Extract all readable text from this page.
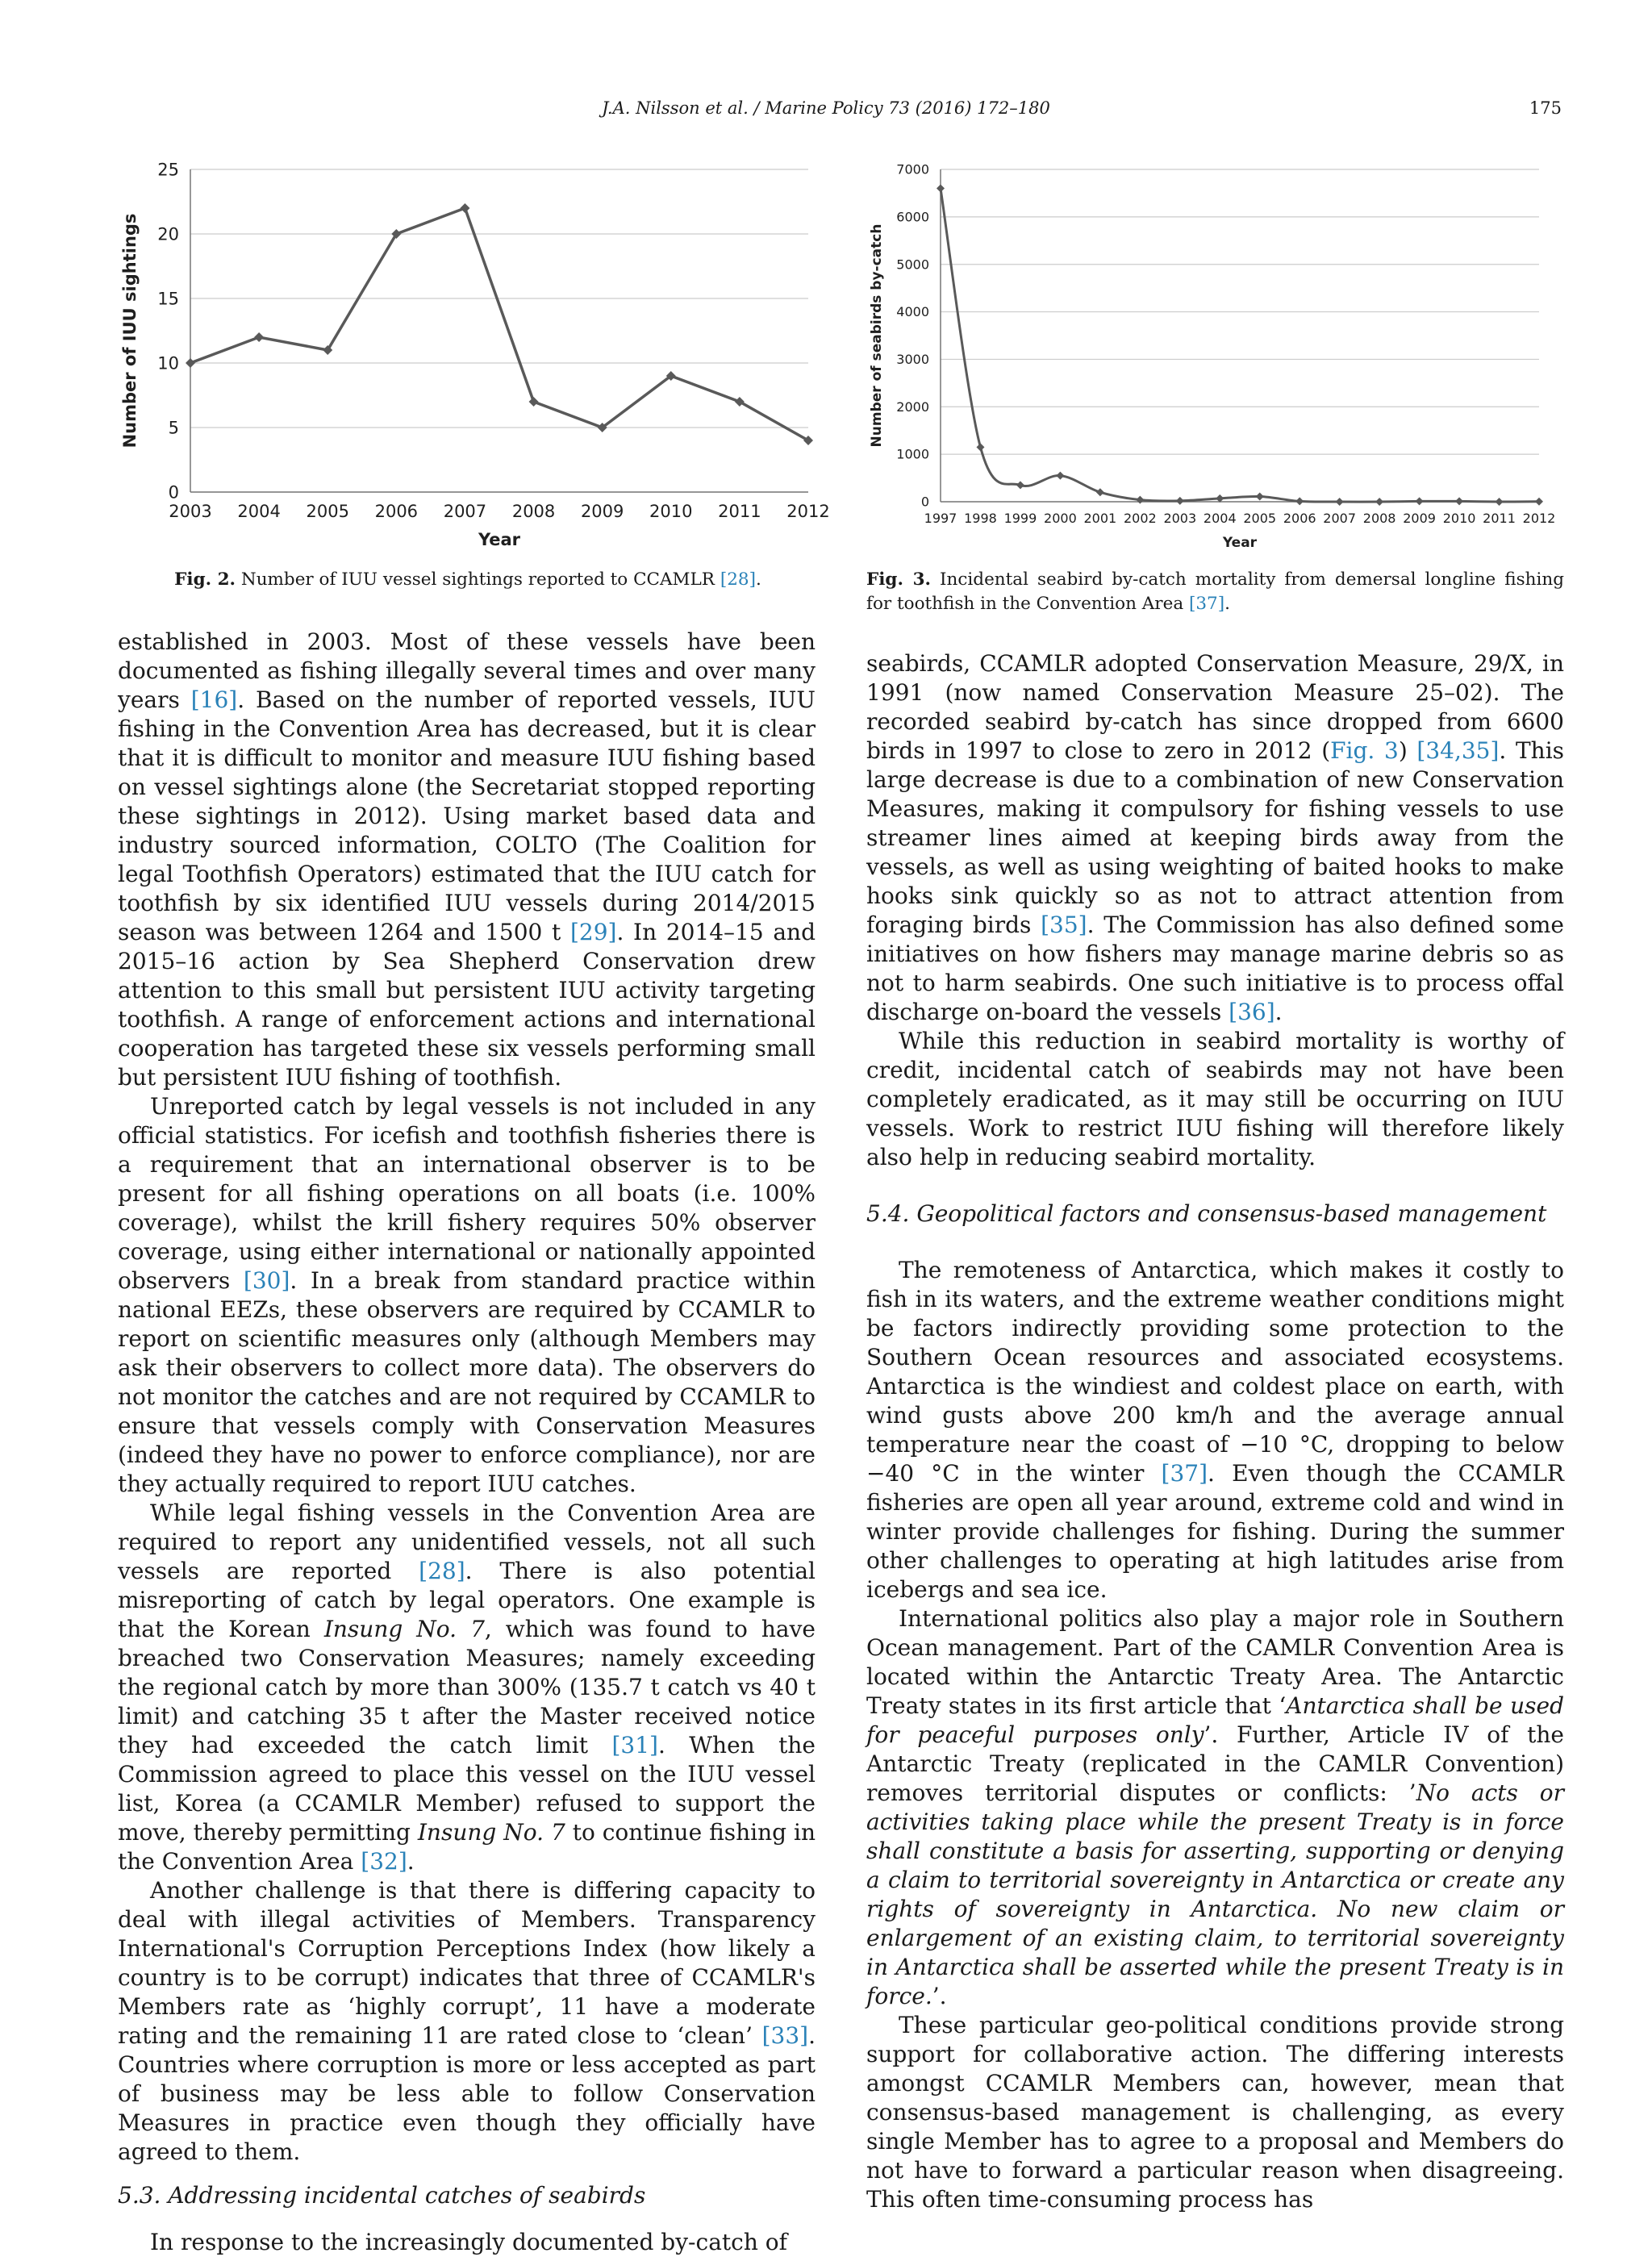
J.A. Nilsson et al. / Marine Policy 73 (2016) 172–180	175
0
5
10
15
20
25
2003 2004 2005 2006 2007 2008 2009 2010 2011 2012
Year
Number of IUU sightings
Fig. 2. Number of IUU vessel sightings reported to CCAMLR [28].
0
1000
2000
3000
4000
5000
6000
7000
1997 1998 1999 2000 2001 2002 2003 2004 2005 2006 2007 2008 2009 2010 2011 2012
Year
Number of seabirds by-catch
Fig. 3. Incidental seabird by-catch mortality from demersal longline fishing for toothfish in the Convention Area [37].

established in 2003. Most of these vessels have been documented as fishing illegally several times and over many years [16]. Based on the number of reported vessels, IUU fishing in the Convention Area has decreased, but it is clear that it is difficult to monitor and measure IUU fishing based on vessel sightings alone (the Secretariat stopped reporting these sightings in 2012). Using market based data and industry sourced information, COLTO (The Coalition for legal Toothfish Operators) estimated that the IUU catch for toothfish by six identified IUU vessels during 2014/2015 season was between 1264 and 1500 t [29]. In 2014–15 and 2015–16 action by Sea Shepherd Conservation drew attention to this small but persistent IUU activity targeting toothfish. A range of enforcement actions and international cooperation has targeted these six vessels performing small but persistent IUU fishing of toothfish.

Unreported catch by legal vessels is not included in any official statistics. For icefish and toothfish fisheries there is a requirement that an international observer is to be present for all fishing operations on all boats (i.e. 100% coverage), whilst the krill fishery requires 50% observer coverage, using either international or nationally appointed observers [30]. In a break from standard practice within national EEZs, these observers are required by CCAMLR to report on scientific measures only (although Members may ask their observers to collect more data). The observers do not monitor the catches and are not required by CCAMLR to ensure that vessels comply with Conservation Measures (indeed they have no power to enforce compliance), nor are they actually required to report IUU catches.

While legal fishing vessels in the Convention Area are required to report any unidentified vessels, not all such vessels are reported [28]. There is also potential misreporting of catch by legal operators. One example is that the Korean Insung No. 7, which was found to have breached two Conservation Measures; namely exceeding the regional catch by more than 300% (135.7 t catch vs 40 t limit) and catching 35 t after the Master received notice they had exceeded the catch limit [31]. When the Commission agreed to place this vessel on the IUU vessel list, Korea (a CCAMLR Member) refused to support the move, thereby permitting Insung No. 7 to continue fishing in the Convention Area [32].

Another challenge is that there is differing capacity to deal with illegal activities of Members. Transparency International's Corruption Perceptions Index (how likely a country is to be corrupt) indicates that three of CCAMLR's Members rate as ‘highly corrupt’, 11 have a moderate rating and the remaining 11 are rated close to ‘clean’ [33]. Countries where corruption is more or less accepted as part of business may be less able to follow Conservation Measures in practice even though they officially have agreed to them.

5.3. Addressing incidental catches of seabirds

In response to the increasingly documented by-catch of

seabirds, CCAMLR adopted Conservation Measure, 29/X, in 1991 (now named Conservation Measure 25–02). The recorded seabird by-catch has since dropped from 6600 birds in 1997 to close to zero in 2012 (Fig. 3) [34,35]. This large decrease is due to a combination of new Conservation Measures, making it compulsory for fishing vessels to use streamer lines aimed at keeping birds away from the vessels, as well as using weighting of baited hooks to make hooks sink quickly so as not to attract attention from foraging birds [35]. The Commission has also defined some initiatives on how fishers may manage marine debris so as not to harm seabirds. One such initiative is to process offal discharge on-board the vessels [36].

While this reduction in seabird mortality is worthy of credit, incidental catch of seabirds may not have been completely eradicated, as it may still be occurring on IUU vessels. Work to restrict IUU fishing will therefore likely also help in reducing seabird mortality.

5.4. Geopolitical factors and consensus-based management

The remoteness of Antarctica, which makes it costly to fish in its waters, and the extreme weather conditions might be factors indirectly providing some protection to the Southern Ocean resources and associated ecosystems. Antarctica is the windiest and coldest place on earth, with wind gusts above 200 km/h and the average annual temperature near the coast of −10 °C, dropping to below −40 °C in the winter [37]. Even though the CCAMLR fisheries are open all year around, extreme cold and wind in winter provide challenges for fishing. During the summer other challenges to operating at high latitudes arise from icebergs and sea ice.

International politics also play a major role in Southern Ocean management. Part of the CAMLR Convention Area is located within the Antarctic Treaty Area. The Antarctic Treaty states in its first article that ‘Antarctica shall be used for peaceful purposes only’. Further, Article IV of the Antarctic Treaty (replicated in the CAMLR Convention) removes territorial disputes or conflicts: ’No acts or activities taking place while the present Treaty is in force shall constitute a basis for asserting, supporting or denying a claim to territorial sovereignty in Antarctica or create any rights of sovereignty in Antarctica. No new claim or enlargement of an existing claim, to territorial sovereignty in Antarctica shall be asserted while the present Treaty is in force.’.

These particular geo-political conditions provide strong support for collaborative action. The differing interests amongst CCAMLR Members can, however, mean that consensus-based management is challenging, as every single Member has to agree to a proposal and Members do not have to forward a particular reason when disagreeing. This often time-consuming process has
